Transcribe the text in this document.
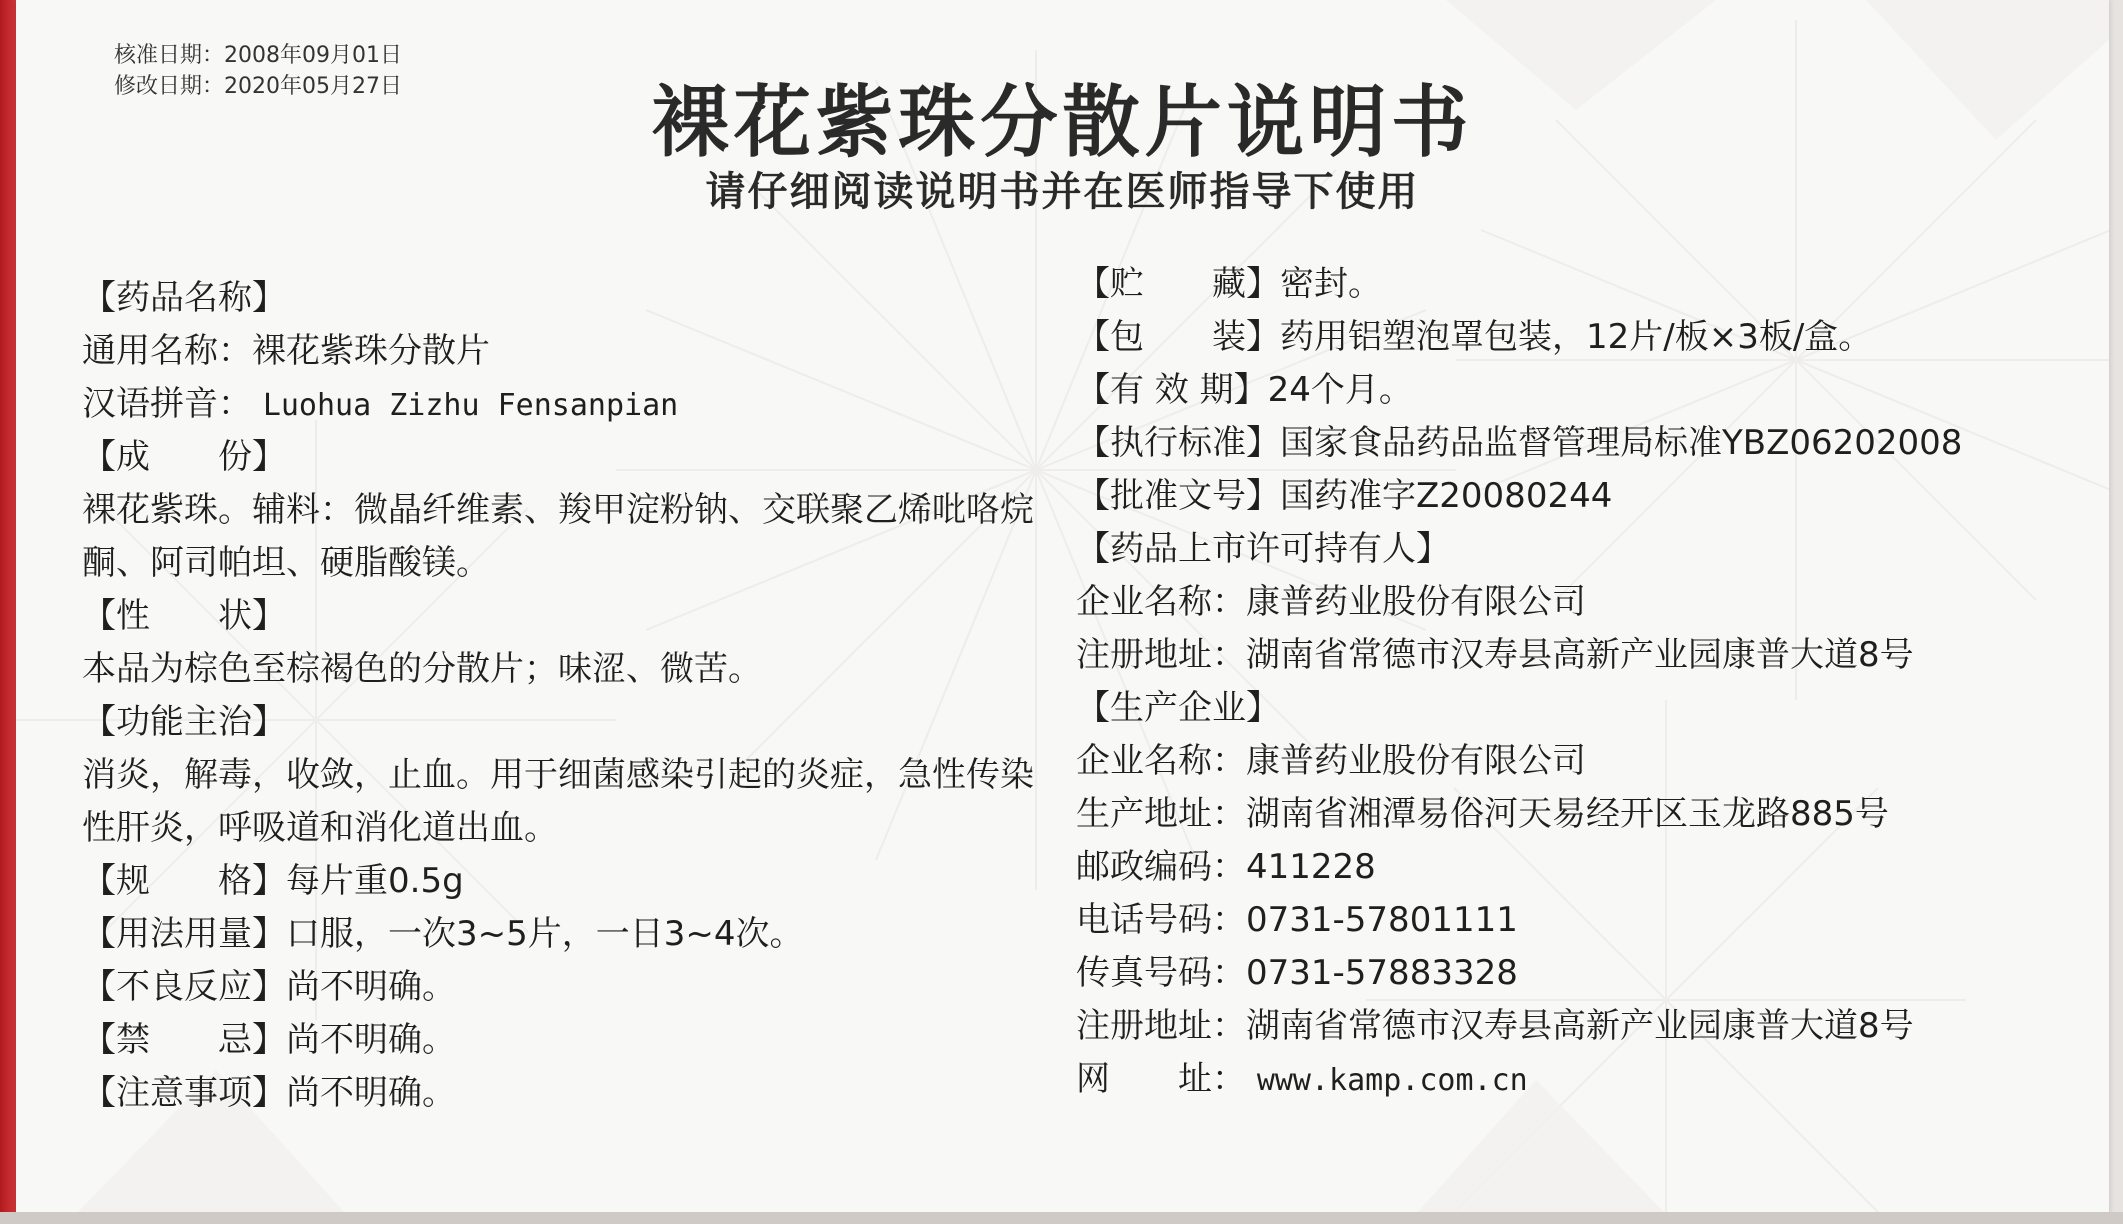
核准日期：2008年09月01日
修改日期：2020年05月27日	裸花紫珠分散片说明书
请仔细阅读说明书并在医师指导下使用
【药品名称】
通用名称：裸花紫珠分散片
汉语拼音： Luohua Zizhu Fensanpian
【成　　份】
裸花紫珠。辅料：微晶纤维素、羧甲淀粉钠、交联聚乙烯吡咯烷酮、阿司帕坦、硬脂酸镁。
【性　　状】
本品为棕色至棕褐色的分散片；味涩、微苦。
【功能主治】
消炎，解毒，收敛，止血。用于细菌感染引起的炎症，急性传染性肝炎，呼吸道和消化道出血。
【规　　格】每片重0.5g
【用法用量】口服，一次3~5片，一日3~4次。
【不良反应】尚不明确。
【禁　　忌】尚不明确。
【注意事项】尚不明确。
【贮　　藏】密封。
【包　　装】药用铝塑泡罩包装，12片/板×3板/盒。
【有 效 期】24个月。
【执行标准】国家食品药品监督管理局标准YBZ06202008
【批准文号】国药准字Z20080244
【药品上市许可持有人】
企业名称：康普药业股份有限公司
注册地址：湖南省常德市汉寿县高新产业园康普大道8号
【生产企业】
企业名称：康普药业股份有限公司
生产地址：湖南省湘潭易俗河天易经开区玉龙路885号
邮政编码：411228
电话号码：0731-57801111
传真号码：0731-57883328
注册地址：湖南省常德市汉寿县高新产业园康普大道8号
网　　址： www.kamp.com.cn
